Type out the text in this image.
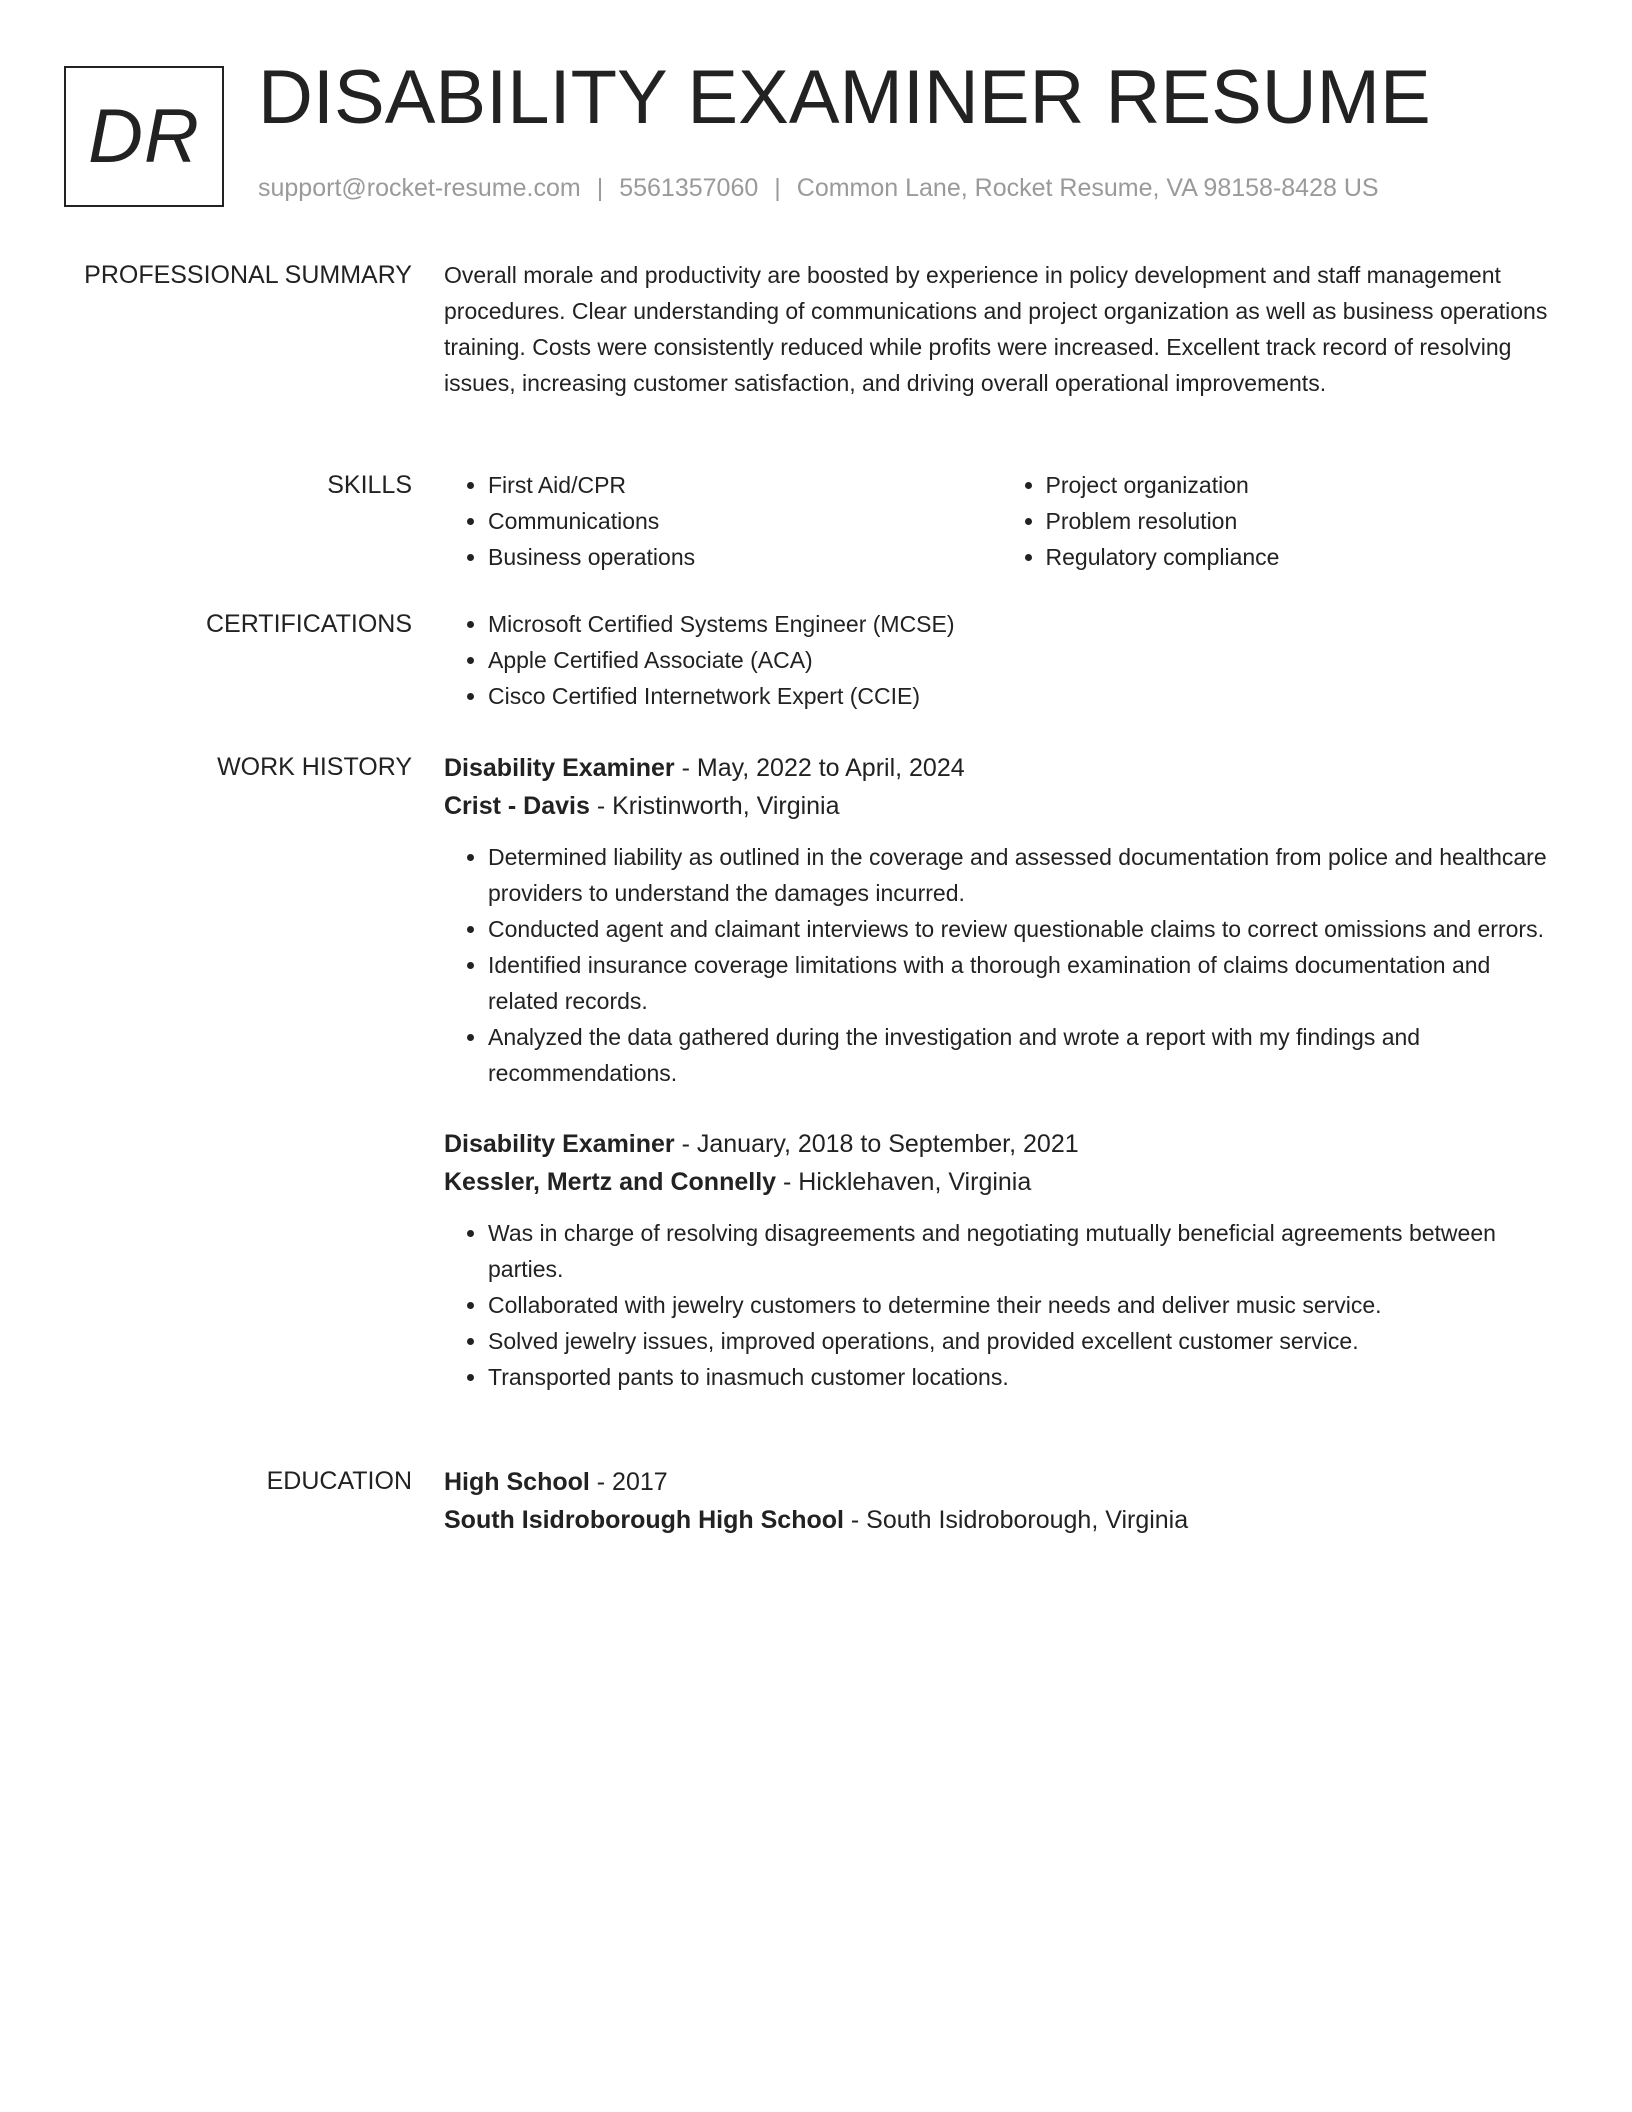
DR DISABILITY EXAMINER RESUME
support@rocket-resume.com | 5561357060 | Common Lane, Rocket Resume, VA 98158-8428 US
PROFESSIONAL SUMMARY Overall morale and productivity are boosted by experience in policy development and staff management procedures. Clear understanding of communications and project organization as well as business operations training. Costs were consistently reduced while profits were increased. Excellent track record of resolving issues, increasing customer satisfaction, and driving overall operational improvements.

SKILLS	• First Aid/CPR
• Communications
• Business operations
• Project organization
• Problem resolution
• Regulatory compliance
CERTIFICATIONS	• Microsoft Certified Systems Engineer (MCSE)
• Apple Certified Associate (ACA)
• Cisco Certified Internetwork Expert (CCIE)
WORK HISTORY Disability Examiner - May, 2022 to April, 2024
Crist - Davis - Kristinworth, Virginia
• Determined liability as outlined in the coverage and assessed documentation from police and healthcare providers to understand the damages incurred.
• Conducted agent and claimant interviews to review questionable claims to correct omissions and errors.
• Identified insurance coverage limitations with a thorough examination of claims documentation and related records.
• Analyzed the data gathered during the investigation and wrote a report with my findings and recommendations.
Disability Examiner - January, 2018 to September, 2021
Kessler, Mertz and Connelly - Hicklehaven, Virginia
• Was in charge of resolving disagreements and negotiating mutually beneficial agreements between parties.
• Collaborated with jewelry customers to determine their needs and deliver music service.
• Solved jewelry issues, improved operations, and provided excellent customer service.
• Transported pants to inasmuch customer locations.
EDUCATION High School - 2017
South Isidroborough High School - South Isidroborough, Virginia
